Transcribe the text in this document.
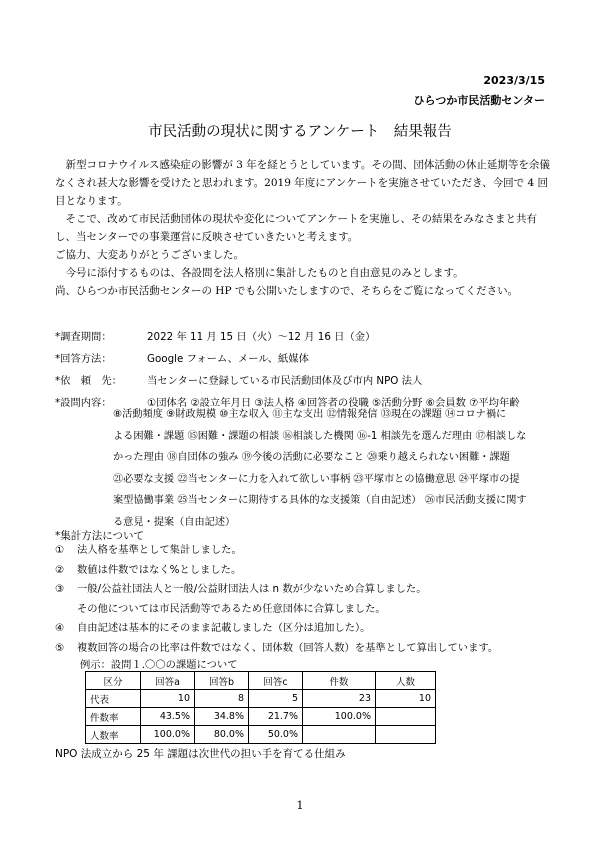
2023/3/15
ひらつか市民活動センター
市民活動の現状に関するアンケート　結果報告

　新型コロナウイルス感染症の影響が 3 年を経とうとしています。その間、団体活動の休止延期等を余儀なくされ甚大な影響を受けたと思われます。2019 年度にアンケートを実施させていただき、今回で 4 回目となります。

　そこで、改めて市民活動団体の現状や変化についてアンケートを実施し、その結果をみなさまと共有し、当センターでの事業運営に反映させていきたいと考えます。

ご協力、大変ありがとうございました。

　今号に添付するものは、各設問を法人格別に集計したものと自由意見のみとします。

尚、ひらつか市民活動センターの HP でも公開いたしますので、そちらをご覧になってください。

*調査期間：	2022 年 11 月 15 日（火）～12 月 16 日（金）
*回答方法：	Google フォーム、メール、紙媒体
*依　頼　先：	当センターに登録している市民活動団体及び市内 NPO 法人
*設問内容：	①団体名 ②設立年月日 ③法人格 ④回答者の役職 ⑤活動分野 ⑥会員数 ⑦平均年齢
⑧活動頻度 ⑨財政規模 ⑩主な収入 ⑪主な支出 ⑫情報発信 ⑬現在の課題 ⑭コロナ禍に
よる困難・課題 ⑮困難・課題の相談 ⑯相談した機関 ⑯-1 相談先を選んだ理由 ⑰相談しな
かった理由 ⑱自団体の強み ⑲今後の活動に必要なこと ⑳乗り越えられない困難・課題
㉑必要な支援 ㉒当センターに力を入れて欲しい事柄 ㉓平塚市との協働意思 ㉔平塚市の提
案型協働事業 ㉕当センターに期待する具体的な支援策（自由記述） ㉖市民活動支援に関す
る意見・提案（自由記述）
*集計方法について
①	法人格を基準として集計しました。
②	数値は件数ではなく%としました。
③	一般/公益社団法人と一般/公益財団法人は n 数が少ないため合算しました。
その他については市民活動等であるため任意団体に合算しました。
④	自由記述は基本的にそのまま記載しました（区分は追加した）。
⑤	複数回答の場合の比率は件数ではなく、団体数（回答人数）を基準として算出しています。
例示：設問１.〇〇の課題について
区分	回答a	回答b	回答c	件数	人数
代表	10	8	5	23	10
件数率	43.5%	34.8%	21.7%	100.0%	
人数率	100.0%	80.0%	50.0%		
NPO 法成立から 25 年 課題は次世代の担い手を育てる仕組み
1
